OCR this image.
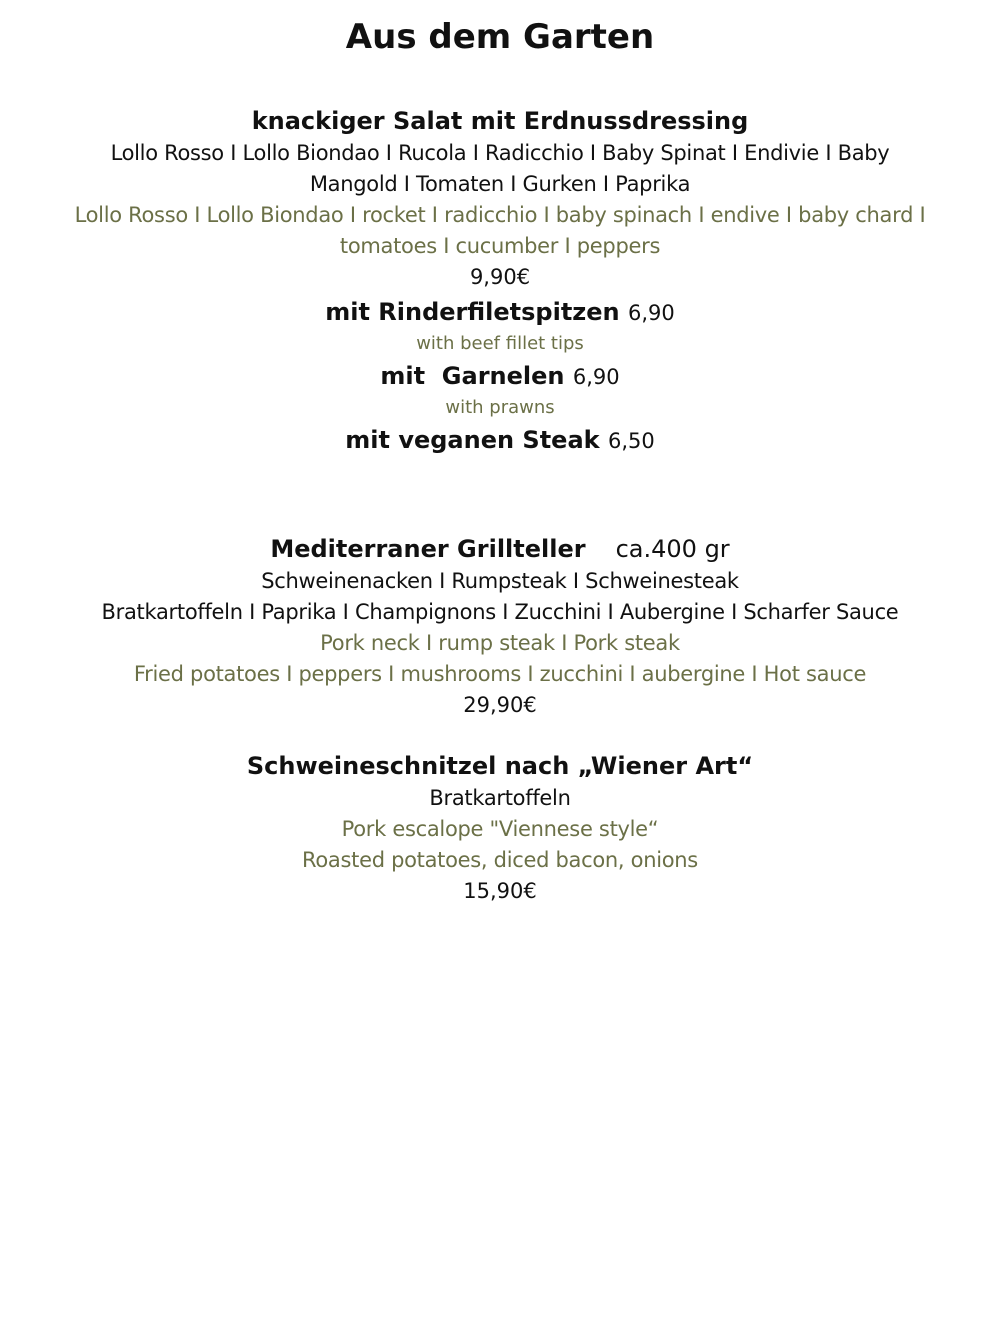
Aus dem Garten
knackiger Salat mit Erdnussdressing
Lollo Rosso I Lollo Biondao I Rucola I Radicchio I Baby Spinat I Endivie I Baby
Mangold I Tomaten I Gurken I Paprika
Lollo Rosso I Lollo Biondao I rocket I radicchio I baby spinach I endive I baby chard I
tomatoes I cucumber I peppers
9,90€
mit Rinderfiletspitzen 6,90
with beef fillet tips
mit  Garnelen 6,90
with prawns
mit veganen Steak 6,50
Mediterraner Grillteller ca.400 gr
Schweinenacken I Rumpsteak I Schweinesteak
Bratkartoffeln I Paprika I Champignons I Zucchini I Aubergine I Scharfer Sauce
Pork neck I rump steak I Pork steak
Fried potatoes I peppers I mushrooms I zucchini I aubergine I Hot sauce
29,90€
Schweineschnitzel nach „Wiener Art“
Bratkartoffeln
Pork escalope "Viennese style“
Roasted potatoes, diced bacon, onions
15,90€
